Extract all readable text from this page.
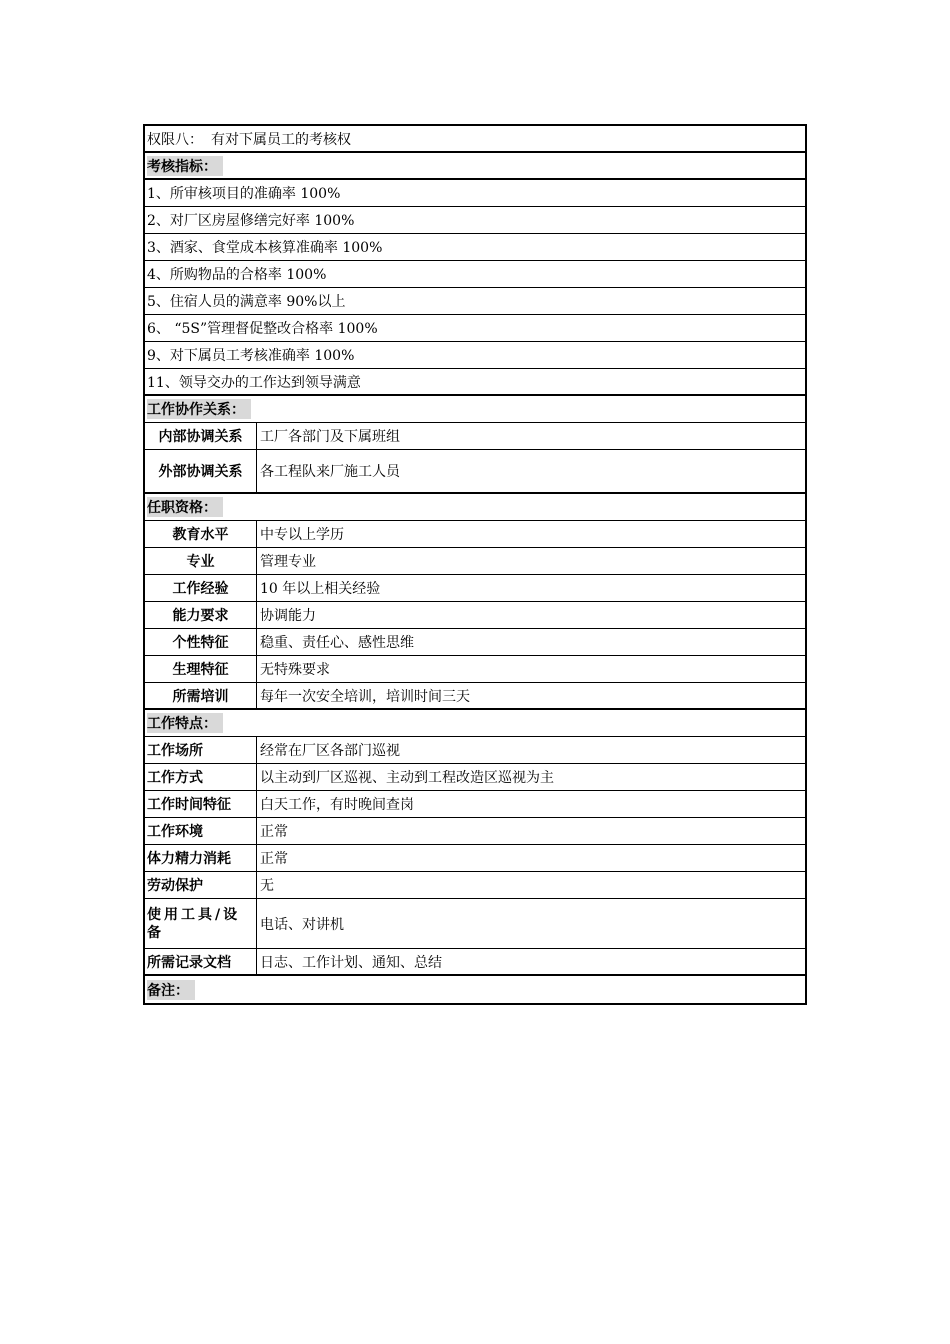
权限八： 有对下属员工的考核权
考核指标：
1、所审核项目的准确率 100%
2、对厂区房屋修缮完好率 100%
3、酒家、食堂成本核算准确率 100%
4、所购物品的合格率 100%
5、住宿人员的满意率 90%以上
6、 “5S”管理督促整改合格率 100%
9、对下属员工考核准确率 100%
11、领导交办的工作达到领导满意
工作协作关系：
内部协调关系	工厂各部门及下属班组
外部协调关系	各工程队来厂施工人员
任职资格：
教育水平	中专以上学历
专业	管理专业
工作经验	10 年以上相关经验
能力要求	协调能力
个性特征	稳重、责任心、感性思维
生理特征	无特殊要求
所需培训	每年一次安全培训，培训时间三天
工作特点：
工作场所	经常在厂区各部门巡视
工作方式	以主动到厂区巡视、主动到工程改造区巡视为主
工作时间特征	白天工作，有时晚间查岗
工作环境	正常
体力精力消耗	正常
劳动保护	无
使用工具/设备	电话、对讲机
所需记录文档	日志、工作计划、通知、总结
备注：
